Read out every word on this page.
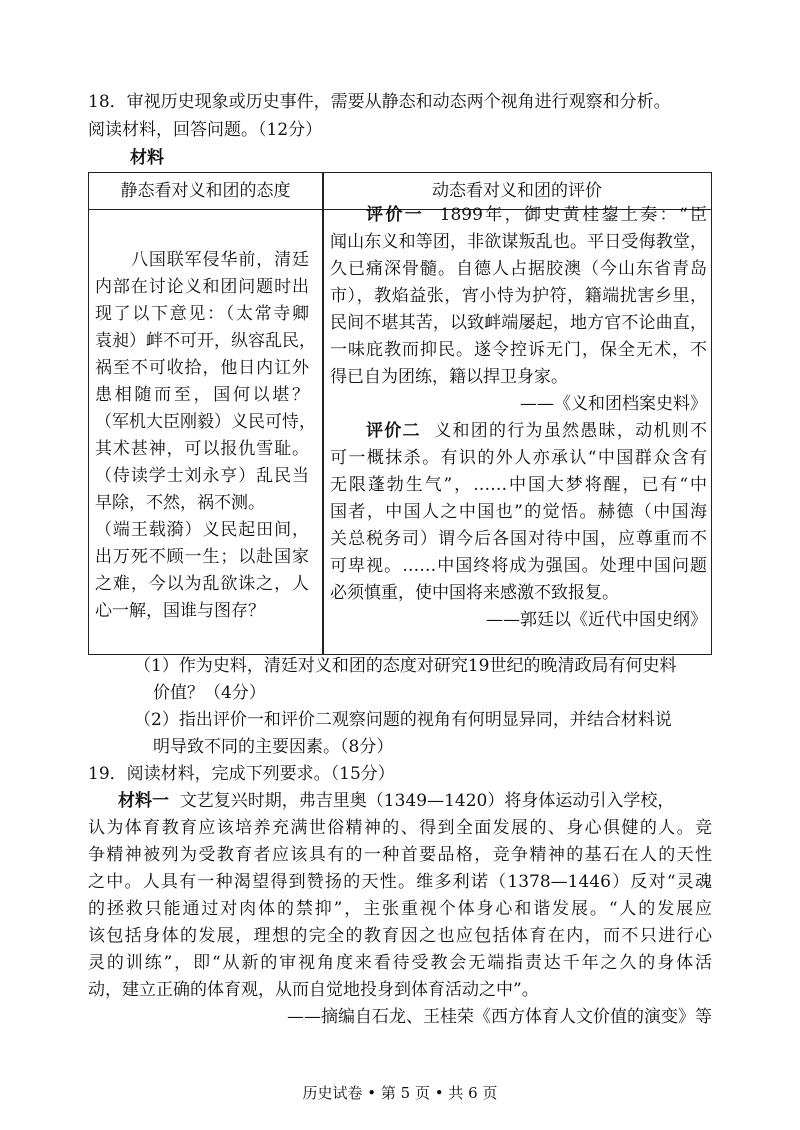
18．审视历史现象或历史事件，需要从静态和动态两个视角进行观察和分析。
阅读材料，回答问题。（12分）
材料
静态看对义和团的态度	动态看对义和团的评价
八国联军侵华前，清廷
内部在讨论义和团问题时出
现了以下意见：（太常寺卿
袁昶）衅不可开，纵容乱民，
祸至不可收拾，他日内讧外
患相随而至，国何以堪？
（军机大臣刚毅）义民可恃，
其术甚神，可以报仇雪耻。
（侍读学士刘永亨）乱民当
早除，不然，祸不测。
（端王载漪）义民起田间，
出万死不顾一生；以赴国家
之难，今以为乱欲诛之，人
心一解，国谁与图存？
评价一 1899年，御史黄桂鋆上奏：“臣
闻山东义和等团，非欲谋叛乱也。平日受侮教堂，
久已痛深骨髓。自德人占据胶澳（今山东省青岛
市），教焰益张，宵小恃为护符，籍端扰害乡里，
民间不堪其苦，以致衅端屡起，地方官不论曲直，
一味庇教而抑民。遂令控诉无门，保全无术，不
得已自为团练，籍以捍卫身家。
——《义和团档案史料》
评价二 义和团的行为虽然愚昧，动机则不
可一概抹杀。有识的外人亦承认“中国群众含有
无限蓬勃生气”，……中国大梦将醒，已有“中
国者，中国人之中国也”的觉悟。赫德（中国海
关总税务司）谓今后各国对待中国，应尊重而不
可卑视。……中国终将成为强国。处理中国问题
必须慎重，使中国将来感激不致报复。
——郭廷以《近代中国史纲》
（1）作为史料，清廷对义和团的态度对研究19世纪的晚清政局有何史料
价值？（4分）
（2）指出评价一和评价二观察问题的视角有何明显异同，并结合材料说
明导致不同的主要因素。（8分）
19．阅读材料，完成下列要求。（15分）
材料一 文艺复兴时期，弗吉里奥（1349—1420）将身体运动引入学校，
认为体育教育应该培养充满世俗精神的、得到全面发展的、身心俱健的人。竞
争精神被列为受教育者应该具有的一种首要品格，竞争精神的基石在人的天性
之中。人具有一种渴望得到赞扬的天性。维多利诺（1378—1446）反对“灵魂
的拯救只能通过对肉体的禁抑”，主张重视个体身心和谐发展。“人的发展应
该包括身体的发展，理想的完全的教育因之也应包括体育在内，而不只进行心
灵的训练”，即“从新的审视角度来看待受教会无端指责达千年之久的身体活
动，建立正确的体育观，从而自觉地投身到体育活动之中”。
——摘编自石龙、王桂荣《西方体育人文价值的演变》等
历史试卷 • 第 5 页 • 共 6 页
